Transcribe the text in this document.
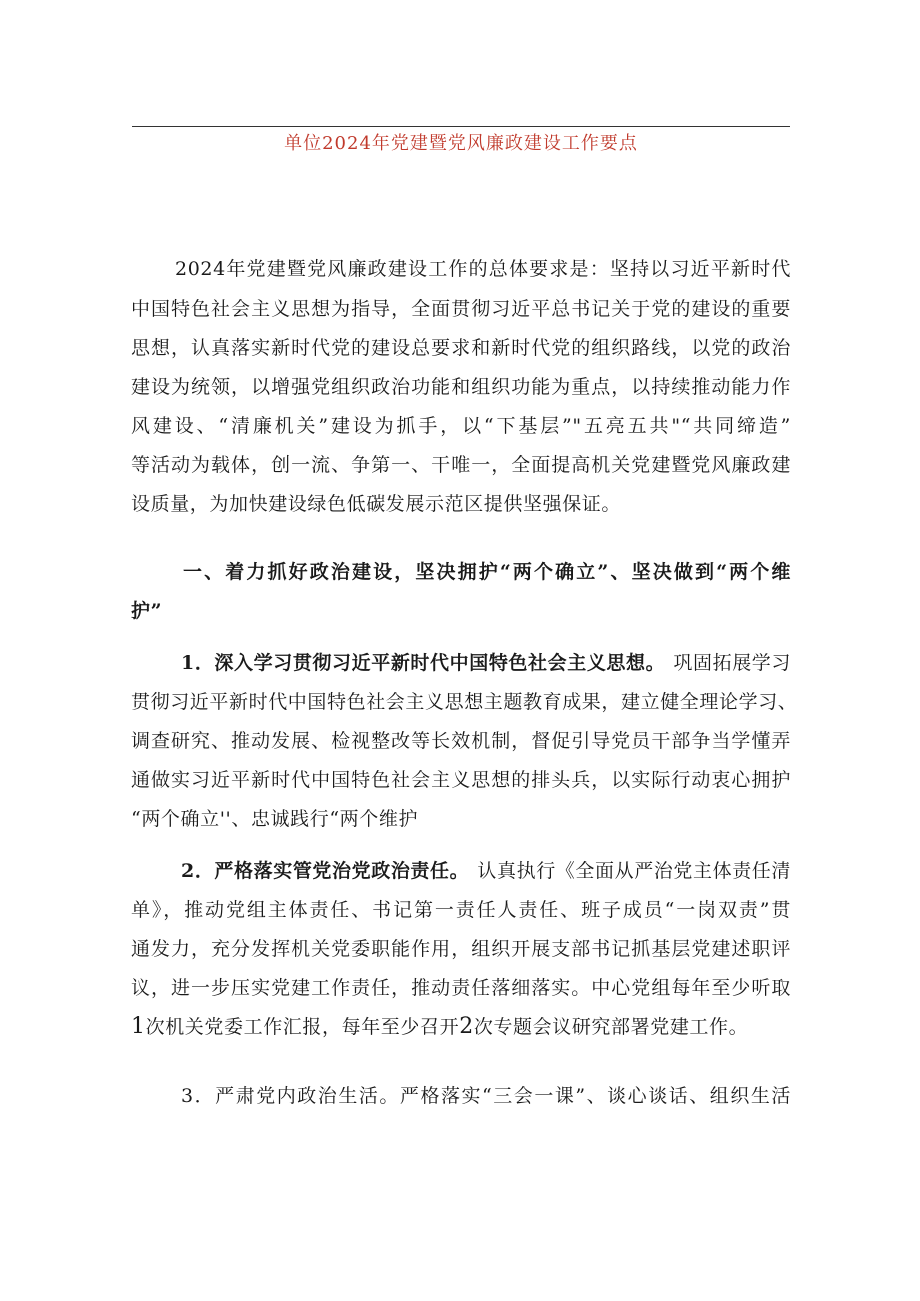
单位2024年党建暨党风廉政建设工作要点
2024年党建暨党风廉政建设工作的总体要求是：坚持以习近平新时代
中国特色社会主义思想为指导，全面贯彻习近平总书记关于党的建设的重要
思想，认真落实新时代党的建设总要求和新时代党的组织路线，以党的政治
建设为统领，以增强党组织政治功能和组织功能为重点，以持续推动能力作
风建设、“清廉机关”建设为抓手，以“下基层”"五亮五共"“共同缔造”
等活动为载体，创一流、争第一、干唯一，全面提高机关党建暨党风廉政建
设质量，为加快建设绿色低碳发展示范区提供坚强保证。
一、着力抓好政治建设，坚决拥护“两个确立”、坚决做到“两个维
护”
1．深入学习贯彻习近平新时代中国特色社会主义思想。 巩固拓展学习
贯彻习近平新时代中国特色社会主义思想主题教育成果，建立健全理论学习、
调查研究、推动发展、检视整改等长效机制，督促引导党员干部争当学懂弄
通做实习近平新时代中国特色社会主义思想的排头兵，以实际行动衷心拥护
“两个确立''、忠诚践行“两个维护
2．严格落实管党治党政治责任。 认真执行《全面从严治党主体责任清
单》，推动党组主体责任、书记第一责任人责任、班子成员“一岗双责”贯
通发力，充分发挥机关党委职能作用，组织开展支部书记抓基层党建述职评
议，进一步压实党建工作责任，推动责任落细落实。中心党组每年至少听取
1次机关党委工作汇报，每年至少召开2次专题会议研究部署党建工作。
3．严肃党内政治生活。严格落实“三会一课”、谈心谈话、组织生活
